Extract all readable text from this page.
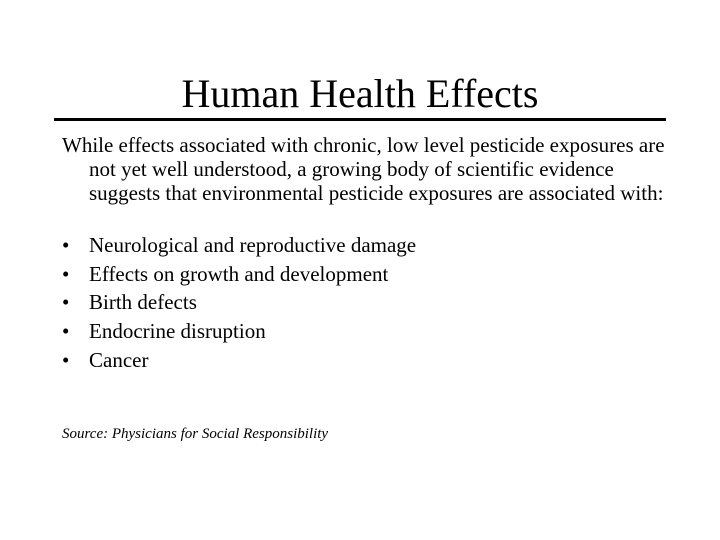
Human Health Effects
While effects associated with chronic, low level pesticide exposures are not yet well understood, a growing body of scientific evidence suggests that environmental pesticide exposures are associated with:
• Neurological and reproductive damage
• Effects on growth and development
• Birth defects
• Endocrine disruption
• Cancer
Source: Physicians for Social Responsibility
